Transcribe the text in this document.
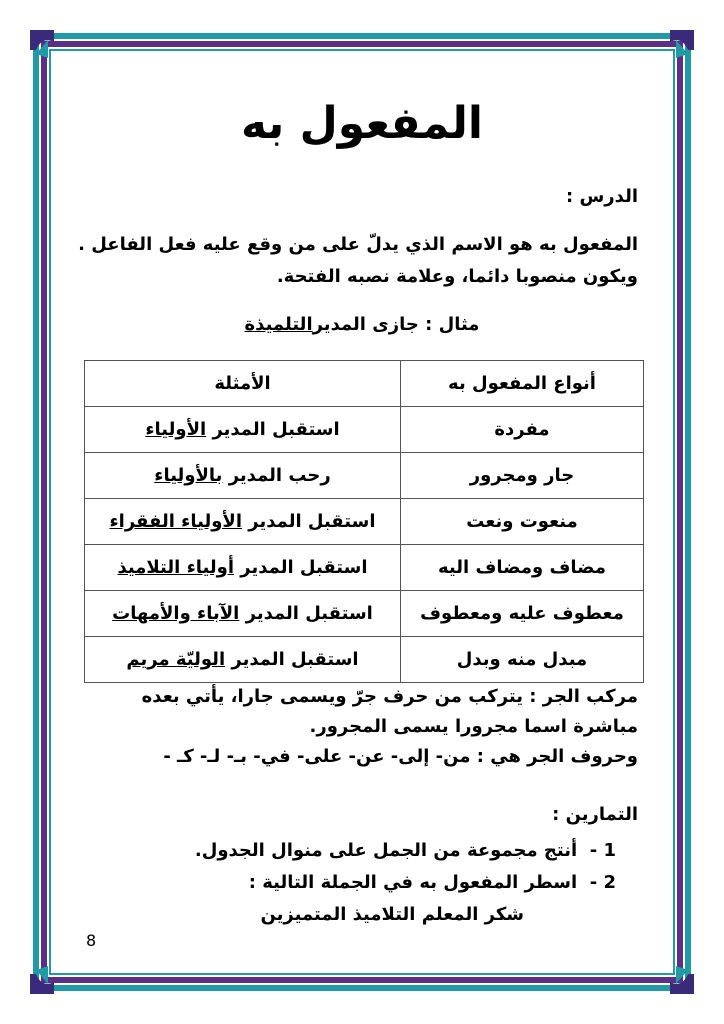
المفعول به
الدرس :
المفعول به هو الاسم الذي يدلّ على من وقع عليه فعل الفاعل .
ويكون منصوبا دائما، وعلامة نصبه الفتحة.
مثال : جازى المديرالتلميذة
أنواع المفعول به	الأمثلة
مفردة	استقبل المدير الأولياء
جار ومجرور	رحب المدير بالأولياء
منعوت ونعت	استقبل المدير الأولياء الفقراء
مضاف ومضاف اليه	استقبل المدير أولياء التلاميذ
معطوف عليه ومعطوف	استقبل المدير الآباء والأمهات
مبدل منه وبدل	استقبل المدير الوليّة مريم
مركب الجر : يتركب من حرف جرّ ويسمى جارا، يأتي بعده
مباشرة اسما مجرورا يسمى المجرور.
وحروف الجر هي : من- إلى- عن- على- في- بـ- لـ- كـ -
التمارين :
1 -  أنتج مجموعة من الجمل على منوال الجدول.
2 -  اسطر المفعول به في الجملة التالية :
شكر المعلم التلاميذ المتميزين
8
